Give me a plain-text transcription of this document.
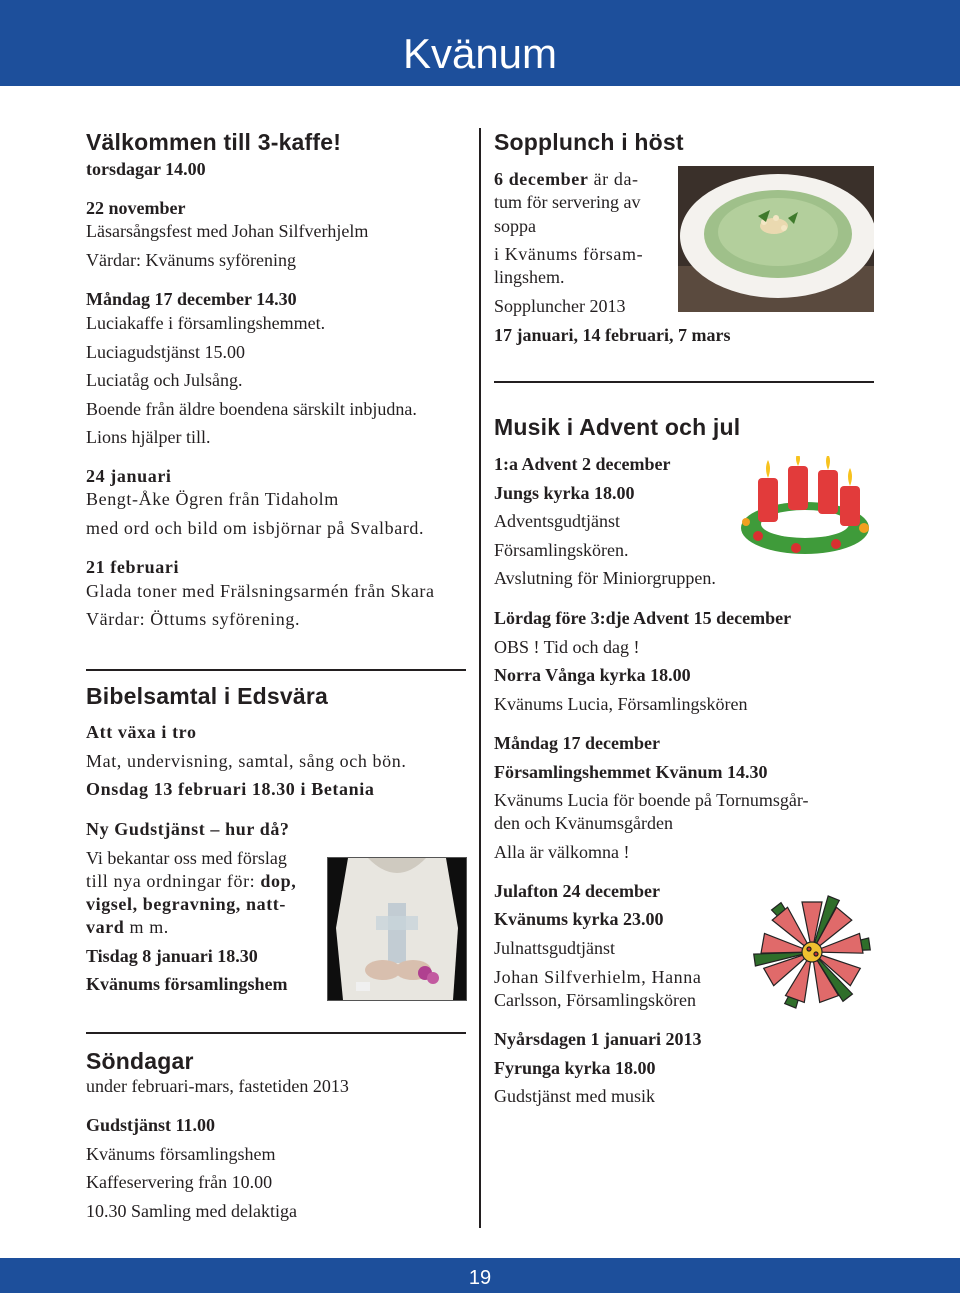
Kvänum
Välkommen till 3-kaffe!
torsdagar 14.00
22 november
Läsarsångsfest med Johan Silfverhjelm
Värdar: Kvänums syförening
Måndag 17 december 14.30
Luciakaffe i församlingshemmet.
Luciagudstjänst 15.00
Luciatåg och Julsång.
Boende från äldre boendena särskilt inbjudna.
Lions hjälper till.
24 januari
Bengt-Åke Ögren från Tidaholm
med ord och bild om isbjörnar på Svalbard.
21 februari
Glada toner med Frälsningsarmén från Skara
Värdar: Öttums syförening.
Bibelsamtal i Edsvära
Att växa i tro
Mat, undervisning, samtal, sång och bön.
Onsdag 13 februari 18.30 i Betania
Ny Gudstjänst – hur då?
Vi bekantar oss med förslag
till nya ordningar för: dop,
vigsel, begravning, natt-
vard m m.
Tisdag 8 januari 18.30
Kvänums församlingshem
Söndagar
under februari-mars, fastetiden 2013
Gudstjänst 11.00
Kvänums församlingshem
Kaffeservering från 10.00
10.30 Samling med delaktiga
Sopplunch i höst
6 december är da-
tum för servering av
soppa
i Kvänums försam-
lingshem.
Soppluncher 2013
17 januari, 14 februari, 7 mars
Musik i Advent och jul
1:a Advent 2 december
Jungs kyrka 18.00
Adventsgudtjänst
Församlingskören.
Avslutning för Miniorgruppen.
Lördag före 3:dje Advent 15 december
OBS ! Tid och dag !
Norra Vånga kyrka 18.00
Kvänums Lucia, Församlingskören
Måndag 17 december
Församlingshemmet Kvänum 14.30
Kvänums Lucia för boende på Tornumsgår-
den och Kvänumsgården
Alla är välkomna !
Julafton 24 december
Kvänums kyrka 23.00
Julnattsgudtjänst
Johan Silfverhielm, Hanna
Carlsson, Församlingskören
Nyårsdagen 1 januari 2013
Fyrunga kyrka 18.00
Gudstjänst med musik
19
